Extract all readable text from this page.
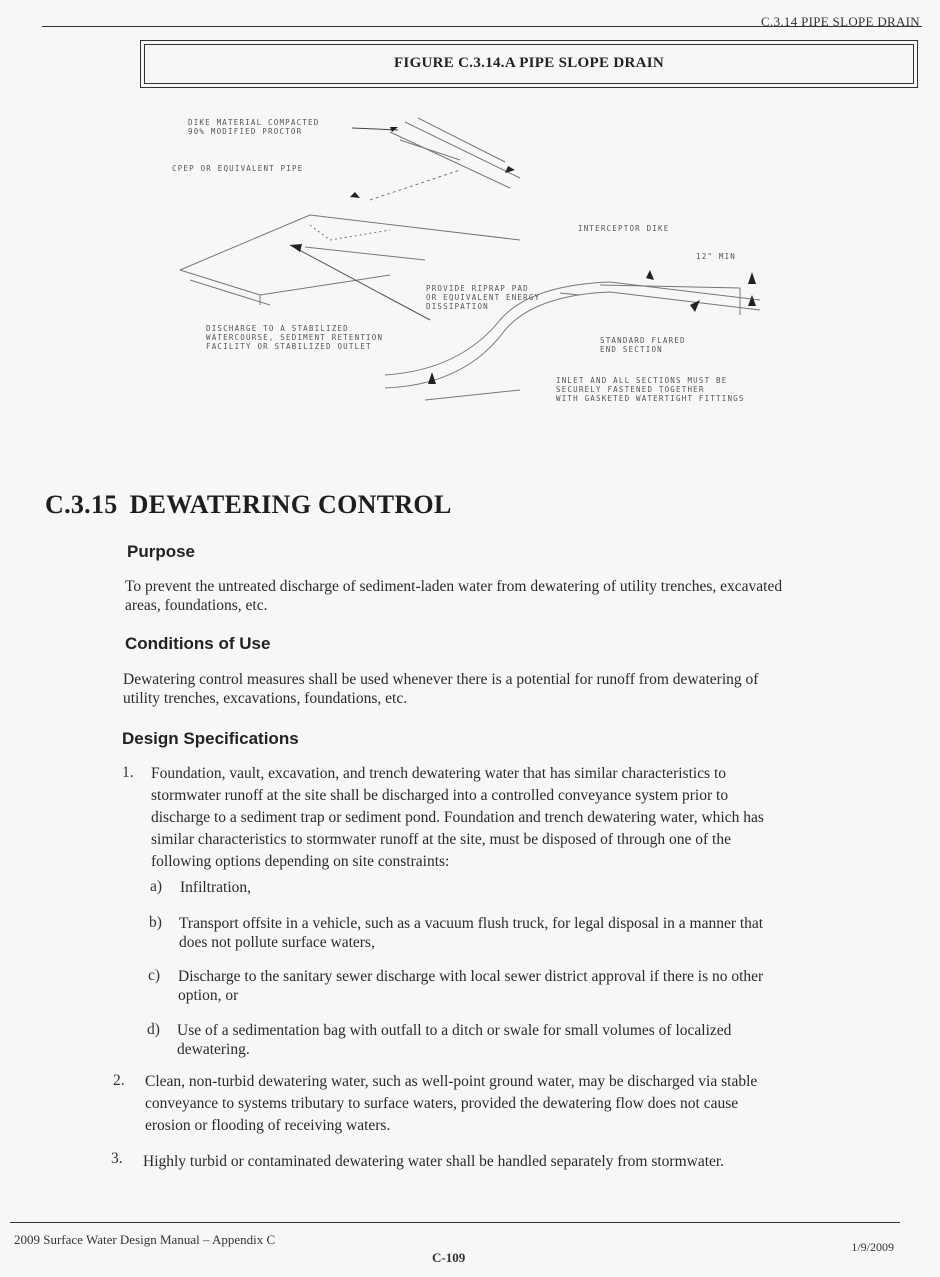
C.3.14 PIPE SLOPE DRAIN
FIGURE C.3.14.A PIPE SLOPE DRAIN
DIKE MATERIAL COMPACTED
90% MODIFIED PROCTOR
CPEP OR EQUIVALENT PIPE
INTERCEPTOR DIKE
12" MIN
PROVIDE RIPRAP PAD
OR EQUIVALENT ENERGY
DISSIPATION
DISCHARGE TO A STABILIZED
WATERCOURSE, SEDIMENT RETENTION
FACILITY OR STABILIZED OUTLET
STANDARD FLARED
END SECTION
INLET AND ALL SECTIONS MUST BE
SECURELY FASTENED TOGETHER
WITH GASKETED WATERTIGHT FITTINGS
C.3.15 DEWATERING CONTROL
Purpose
To prevent the untreated discharge of sediment-laden water from dewatering of utility trenches, excavated
areas, foundations, etc.
Conditions of Use
Dewatering control measures shall be used whenever there is a potential for runoff from dewatering of
utility trenches, excavations, foundations, etc.
Design Specifications
1. Foundation, vault, excavation, and trench dewatering water that has similar characteristics to
stormwater runoff at the site shall be discharged into a controlled conveyance system prior to
discharge to a sediment trap or sediment pond. Foundation and trench dewatering water, which has
similar characteristics to stormwater runoff at the site, must be disposed of through one of the
following options depending on site constraints:
a) Infiltration,
b) Transport offsite in a vehicle, such as a vacuum flush truck, for legal disposal in a manner that
does not pollute surface waters,
c) Discharge to the sanitary sewer discharge with local sewer district approval if there is no other
option, or
d) Use of a sedimentation bag with outfall to a ditch or swale for small volumes of localized
dewatering.
2. Clean, non-turbid dewatering water, such as well-point ground water, may be discharged via stable
conveyance to systems tributary to surface waters, provided the dewatering flow does not cause
erosion or flooding of receiving waters.
3. Highly turbid or contaminated dewatering water shall be handled separately from stormwater.
2009 Surface Water Design Manual – Appendix C
C-109
1/9/2009
